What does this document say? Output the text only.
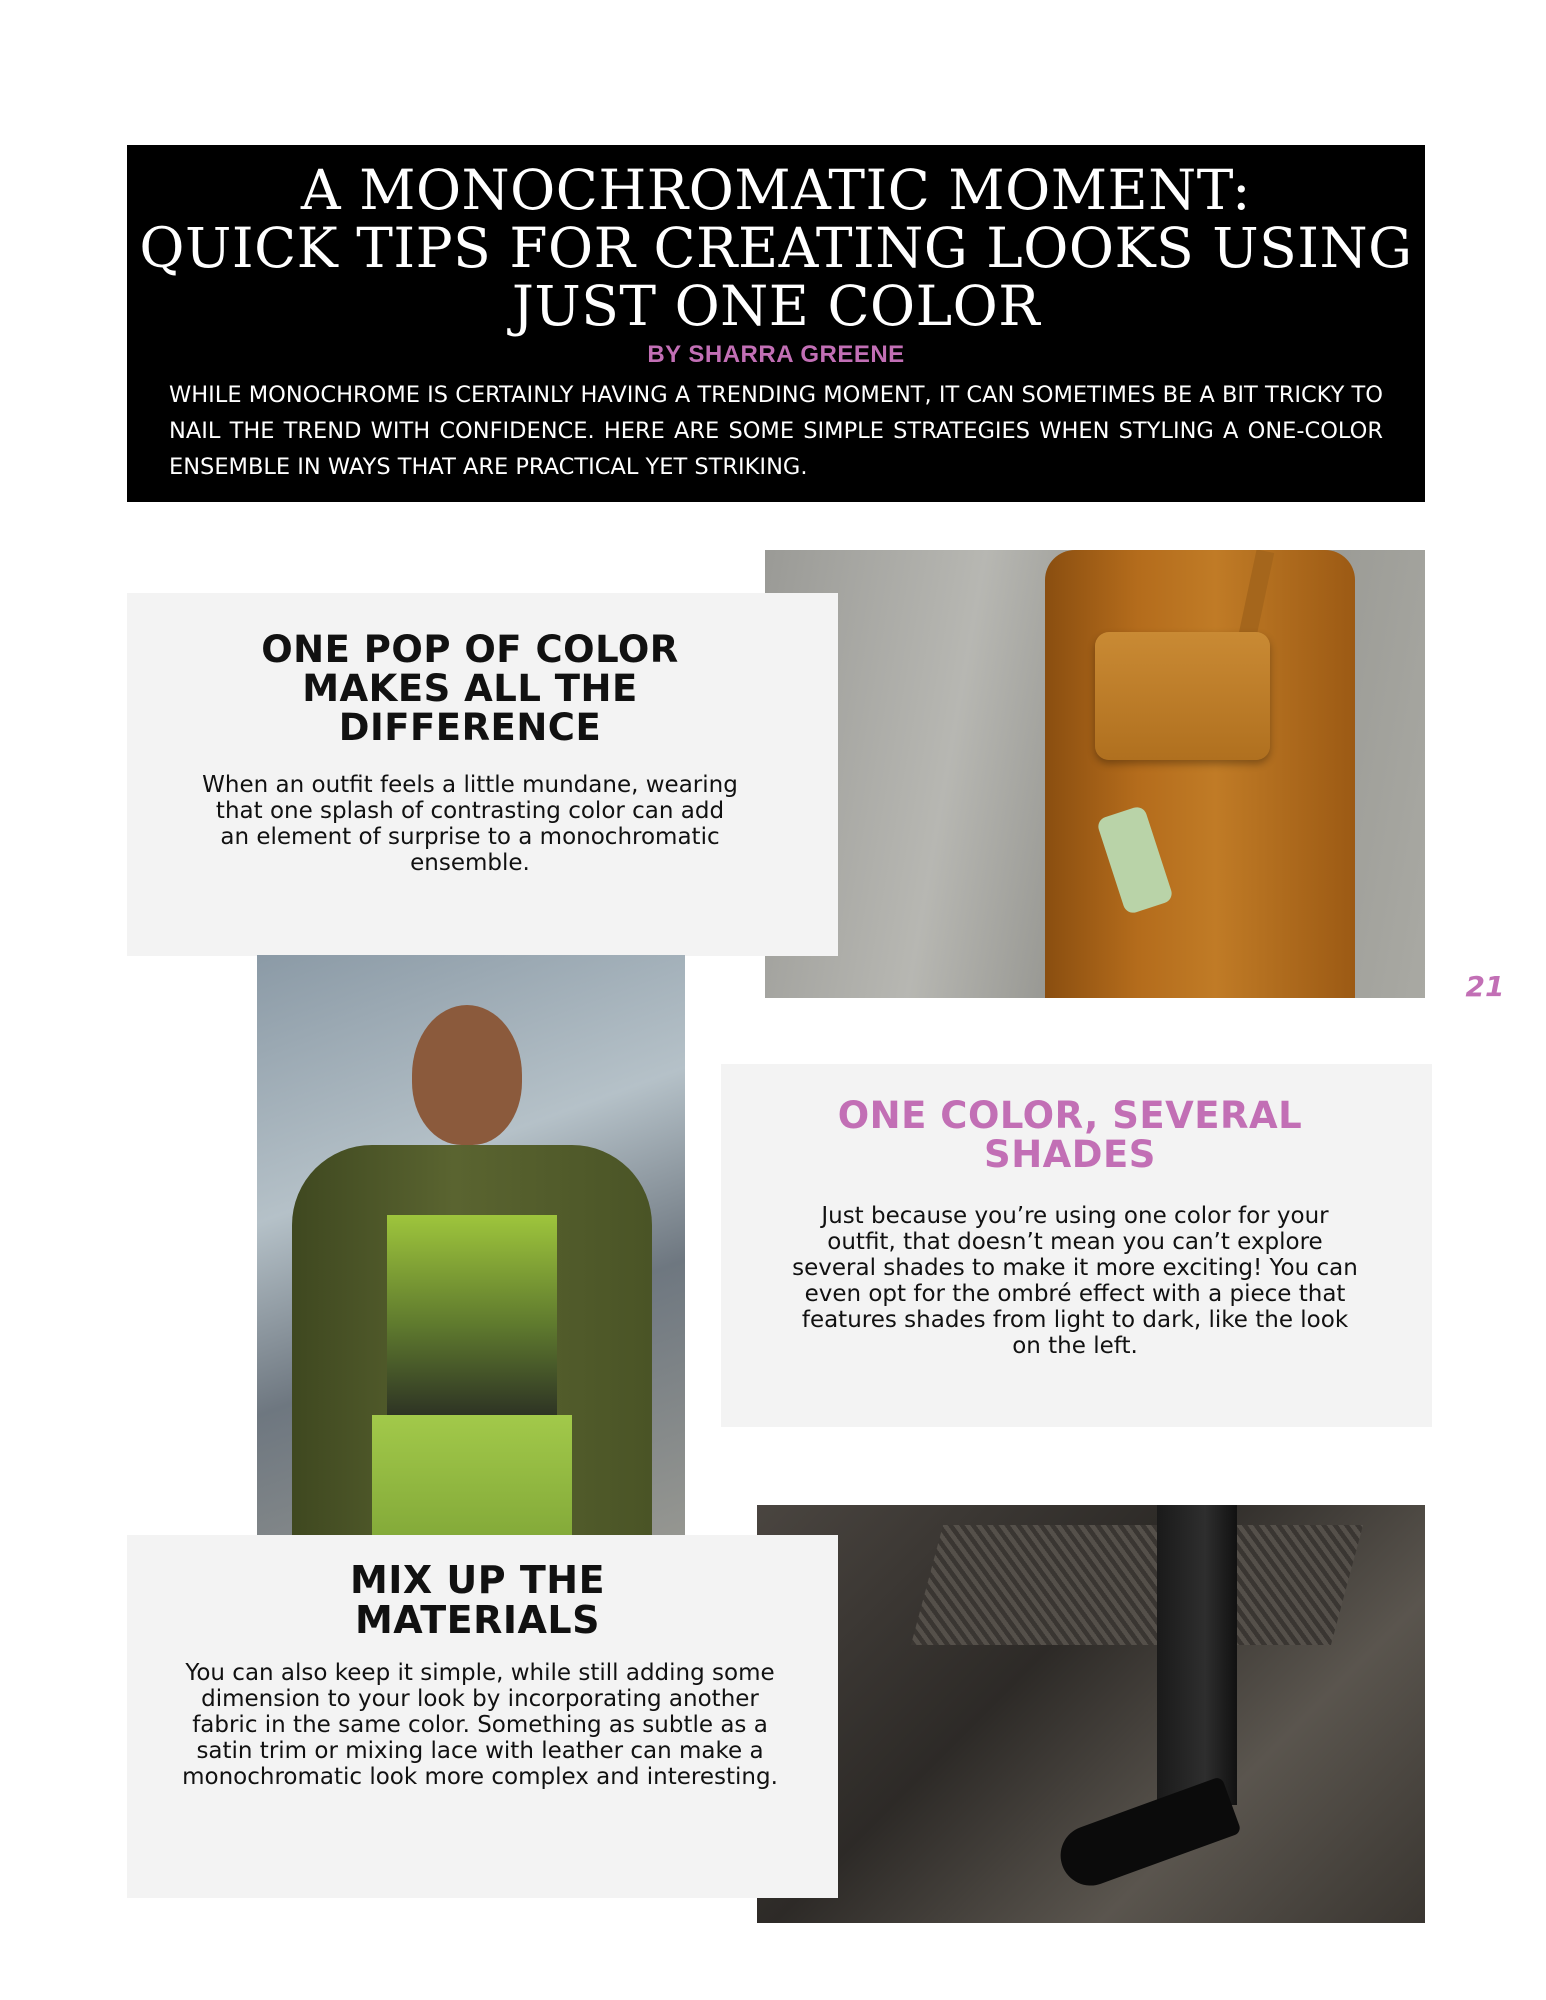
A MONOCHROMATIC MOMENT:
QUICK TIPS FOR CREATING LOOKS USING
JUST ONE COLOR
BY SHARRA GREENE

WHILE MONOCHROME IS CERTAINLY HAVING A TRENDING MOMENT, IT CAN SOMETIMES BE A BIT TRICKY TO NAIL THE TREND WITH CONFIDENCE. HERE ARE SOME SIMPLE STRATEGIES WHEN STYLING A ONE-COLOR ENSEMBLE IN WAYS THAT ARE PRACTICAL YET STRIKING.

ONE POP OF COLOR MAKES ALL THE DIFFERENCE

When an outfit feels a little mundane, wearing that one splash of contrasting color can add an element of surprise to a monochromatic ensemble.

ONE COLOR, SEVERAL SHADES

Just because you’re using one color for your outfit, that doesn’t mean you can’t explore several shades to make it more exciting! You can even opt for the ombré effect with a piece that features shades from light to dark, like the look on the left.

MIX UP THE MATERIALS

You can also keep it simple, while still adding some dimension to your look by incorporating another fabric in the same color. Something as subtle as a satin trim or mixing lace with leather can make a monochromatic look more complex and interesting.

21
